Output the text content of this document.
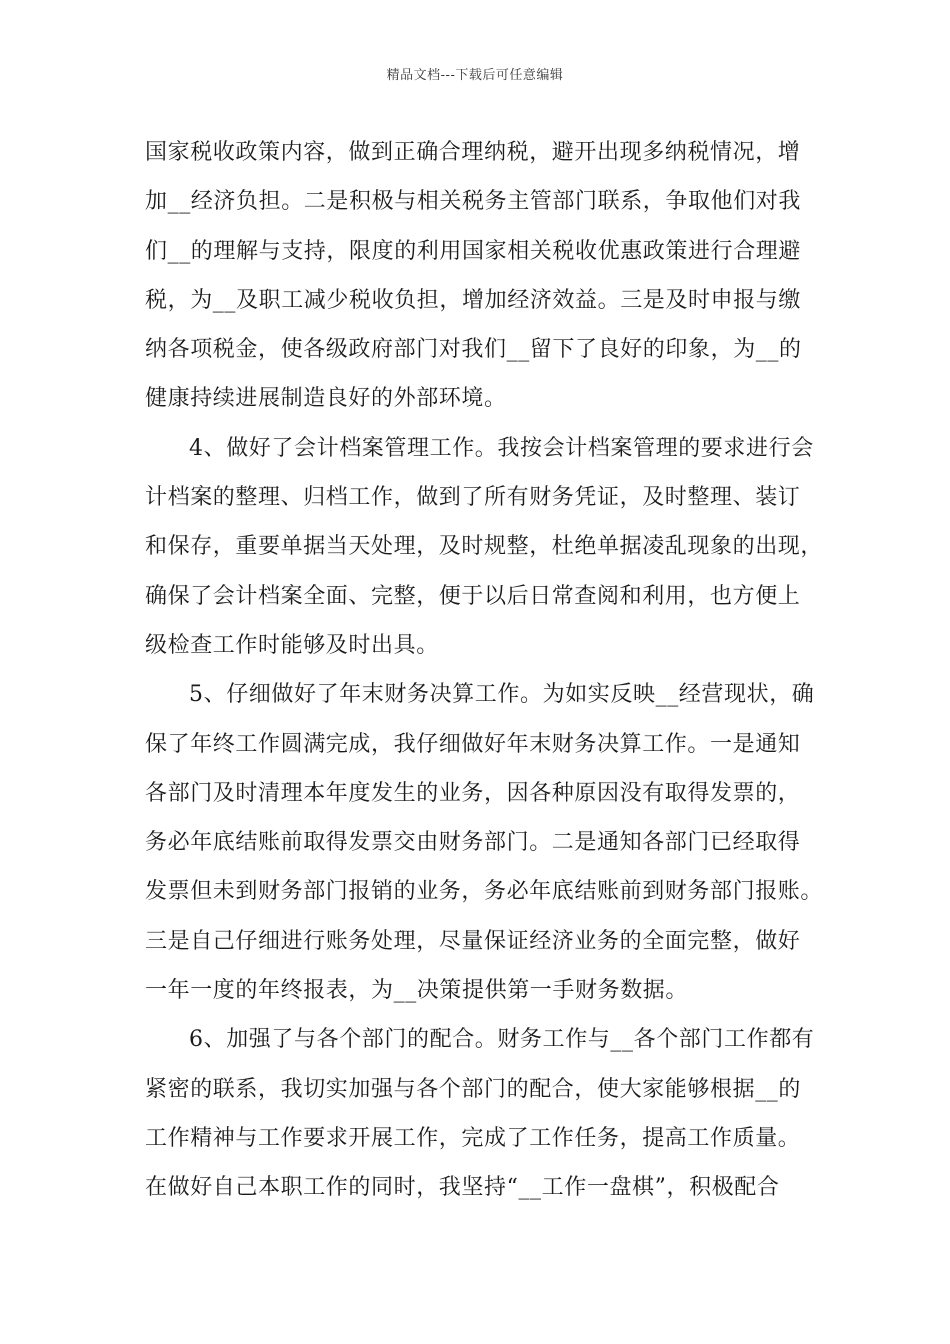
精品文档---下载后可任意编辑
国家税收政策内容，做到正确合理纳税，避开出现多纳税情况，增
加__经济负担。二是积极与相关税务主管部门联系，争取他们对我
们__的理解与支持，限度的利用国家相关税收优惠政策进行合理避
税，为__及职工减少税收负担，增加经济效益。三是及时申报与缴
纳各项税金，使各级政府部门对我们__留下了良好的印象，为__的
健康持续进展制造良好的外部环境。
4、做好了会计档案管理工作。我按会计档案管理的要求进行会
计档案的整理、归档工作，做到了所有财务凭证，及时整理、装订
和保存，重要单据当天处理，及时规整，杜绝单据凌乱现象的出现，
确保了会计档案全面、完整，便于以后日常查阅和利用，也方便上
级检查工作时能够及时出具。
5、仔细做好了年末财务决算工作。为如实反映__经营现状，确
保了年终工作圆满完成，我仔细做好年末财务决算工作。一是通知
各部门及时清理本年度发生的业务，因各种原因没有取得发票的，
务必年底结账前取得发票交由财务部门。二是通知各部门已经取得
发票但未到财务部门报销的业务，务必年底结账前到财务部门报账。
三是自己仔细进行账务处理，尽量保证经济业务的全面完整，做好
一年一度的年终报表，为__决策提供第一手财务数据。
6、加强了与各个部门的配合。财务工作与__各个部门工作都有
紧密的联系，我切实加强与各个部门的配合，使大家能够根据__的
工作精神与工作要求开展工作，完成了工作任务，提高工作质量。
在做好自己本职工作的同时，我坚持“__工作一盘棋”，积极配合
